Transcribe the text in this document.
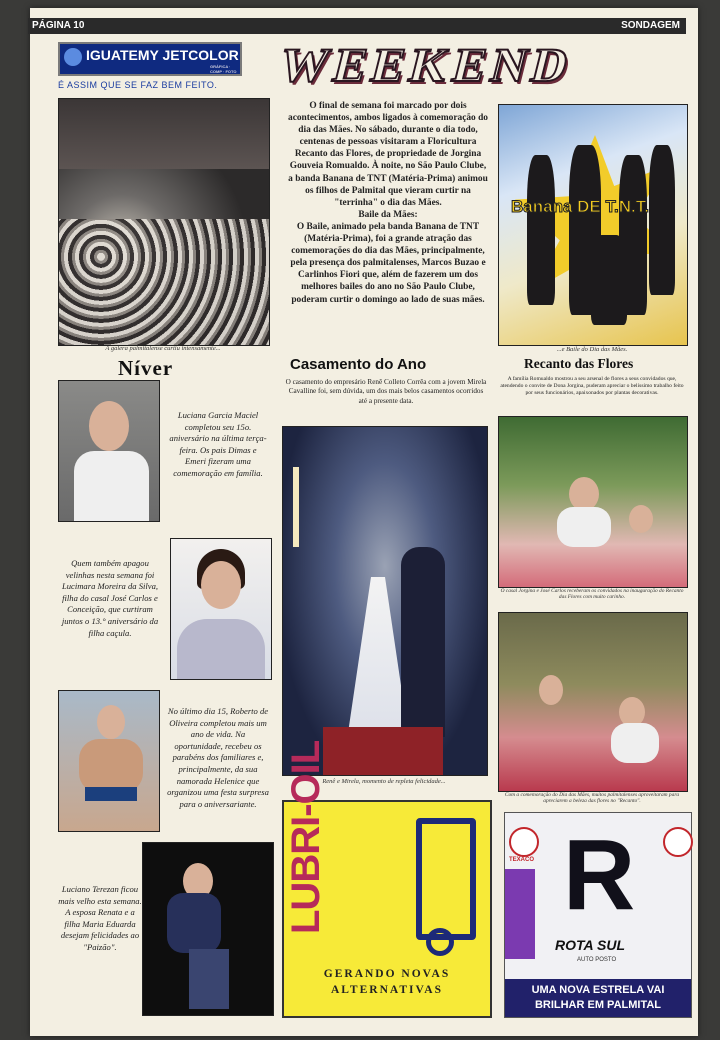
PÁGINA 10	SONDAGEM
IGUATEMY JETCOLOR
GRÁFICA · COMP · FOTO
É ASSIM QUE SE FAZ BEM FEITO. WEEKEND
A galera palmitalense curtiu intensamente...
O final de semana foi marcado por dois acontecimentos, ambos ligados à comemoração do dia das Mães. No sábado, durante o dia todo, centenas de pessoas visitaram a Floricultura Recanto das Flores, de propriedade de Jorgina Gouveia Romualdo. À noite, no São Paulo Clube, a banda Banana de TNT (Matéria-Prima) animou os filhos de Palmital que vieram curtir na "terrinha" o dia das Mães.
Baile da Mães:
O Baile, animado pela banda Banana de TNT (Matéria-Prima), foi a grande atração das comemorações do dia das Mães, principalmente, pela presença dos palmitalenses, Marcos Buzao e Carlinhos Fiori que, além de fazerem um dos melhores bailes do ano no São Paulo Clube, poderam curtir o domingo ao lado de suas mães.
Banana DE T.N.T.
...e Baile do Dia das Mães.
Níver
Luciana Garcia Maciel completou seu 15o. aniversário na última terça-feira. Os pais Dimas e Emeri fizeram uma comemoração em família.
Quem também apagou velinhas nesta semana foi Lucimara Moreira da Silva, filha do casal José Carlos e Conceição, que curtiram juntos o 13.° aniversário da filha caçula.
No último dia 15, Roberto de Oliveira completou mais um ano de vida. Na oportunidade, recebeu os parabéns dos familiares e, principalmente, da sua namorada Helenice que organizou uma festa surpresa para o aniversariante.
Luciano Terezan ficou mais velho esta semana. A esposa Renata e a filha Maria Eduarda desejam felicidades ao "Paizão".
Casamento do Ano
O casamento do empresário Renê Colleto Corrêa com a jovem Mirela Cavalline foi, sem dúvida, um dos mais belos casamentos ocorridos até a presente data.
Renê e Mirela, momento de repleta felicidade...
LUBRI-OIL
GERANDO NOVAS
ALTERNATIVAS
Recanto das Flores
A família Romualdo mostrou a seu arsenal de flores a seus convidados que, atendendo o convite de Dona Jorgina, puderam apreciar o belíssimo trabalho feito por seus funcionários, apaixonados por plantas decorativas.
O casal Jorgina e José Carlos receberam os convidados na inauguração do Recanto das Flores com muito carinho.
Com a comemoração do Dia das Mães, muitos palmitalenses aproveitaram para apreciarem a beleza das flores no "Recanto".
TEXACO R
ROTA SUL
AUTO POSTO
UMA NOVA ESTRELA VAI
BRILHAR EM PALMITAL
